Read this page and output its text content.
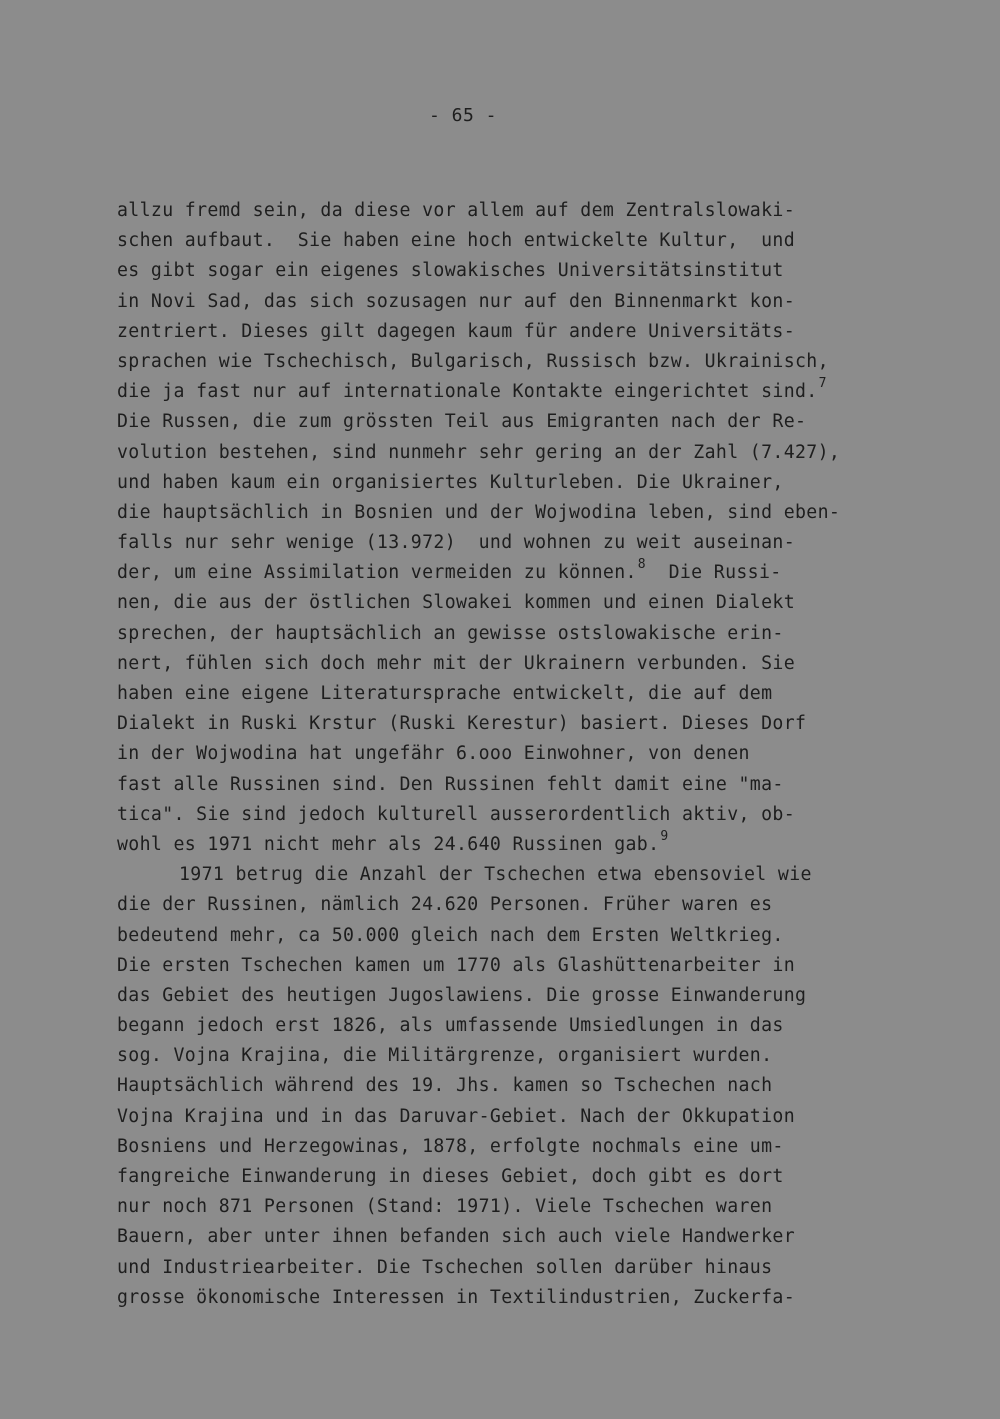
- 65 -
allzu fremd sein, da diese vor allem auf dem Zentralslowaki-
schen aufbaut.  Sie haben eine hoch entwickelte Kultur,  und
es gibt sogar ein eigenes slowakisches Universitätsinstitut
in Novi Sad, das sich sozusagen nur auf den Binnenmarkt kon-
zentriert. Dieses gilt dagegen kaum für andere Universitäts-
sprachen wie Tschechisch, Bulgarisch, Russisch bzw. Ukrainisch,
die ja fast nur auf internationale Kontakte eingerichtet sind.$^7$
Die Russen, die zum grössten Teil aus Emigranten nach der Re-
volution bestehen, sind nunmehr sehr gering an der Zahl (7.427),
und haben kaum ein organisiertes Kulturleben. Die Ukrainer,
die hauptsächlich in Bosnien und der Wojwodina leben, sind eben-
falls nur sehr wenige (13.972)  und wohnen zu weit auseinan-
der, um eine Assimilation vermeiden zu können.$^8$  Die Russi-
nen, die aus der östlichen Slowakei kommen und einen Dialekt
sprechen, der hauptsächlich an gewisse ostslowakische erin-
nert, fühlen sich doch mehr mit der Ukrainern verbunden. Sie
haben eine eigene Literatursprache entwickelt, die auf dem
Dialekt in Ruski Krstur (Ruski Kerestur) basiert. Dieses Dorf
in der Wojwodina hat ungefähr 6.ooo Einwohner, von denen
fast alle Russinen sind. Den Russinen fehlt damit eine "ma-
tica". Sie sind jedoch kulturell ausserordentlich aktiv, ob-
wohl es 1971 nicht mehr als 24.640 Russinen gab.$^9$
1971 betrug die Anzahl der Tschechen etwa ebensoviel wie
die der Russinen, nämlich 24.620 Personen. Früher waren es
bedeutend mehr, ca 50.000 gleich nach dem Ersten Weltkrieg.
Die ersten Tschechen kamen um 1770 als Glashüttenarbeiter in
das Gebiet des heutigen Jugoslawiens. Die grosse Einwanderung
begann jedoch erst 1826, als umfassende Umsiedlungen in das
sog. Vojna Krajina, die Militärgrenze, organisiert wurden.
Hauptsächlich während des 19. Jhs. kamen so Tschechen nach
Vojna Krajina und in das Daruvar-Gebiet. Nach der Okkupation
Bosniens und Herzegowinas, 1878, erfolgte nochmals eine um-
fangreiche Einwanderung in dieses Gebiet, doch gibt es dort
nur noch 871 Personen (Stand: 1971). Viele Tschechen waren
Bauern, aber unter ihnen befanden sich auch viele Handwerker
und Industriearbeiter. Die Tschechen sollen darüber hinaus
grosse ökonomische Interessen in Textilindustrien, Zuckerfa-
